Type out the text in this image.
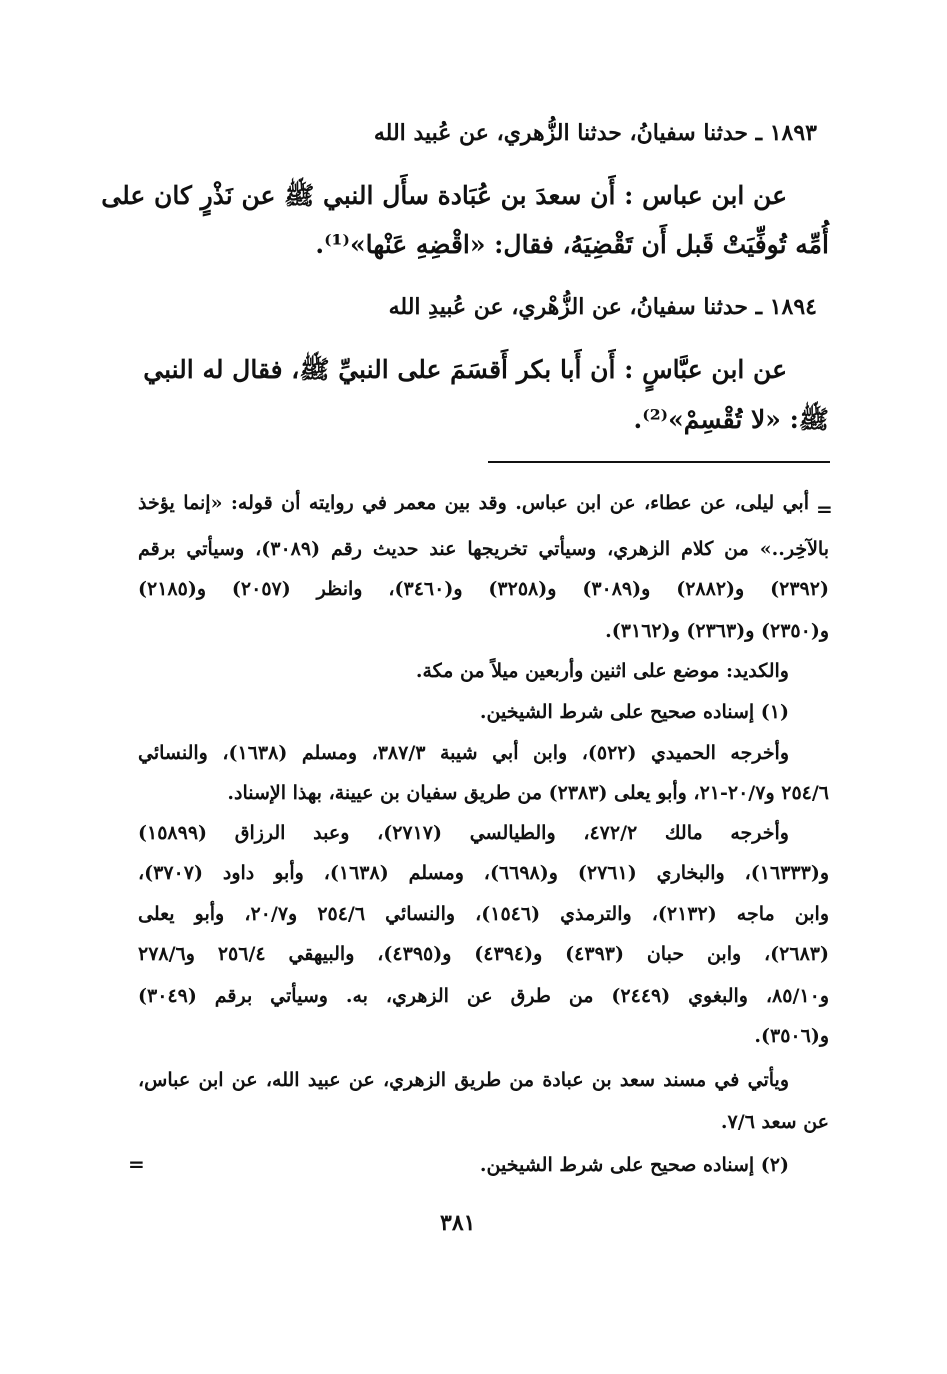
١٨٩٣ ـ حدثنا سفيانُ، حدثنا الزُّهري، عن عُبيد الله
عن ابن عباس : أَن سعدَ بن عُبَادة سأَل النبي ﷺ عن نَذْرٍ كان على
أُمِّه تُوفِّيَتْ قَبل أَن تَقْضِيَهُ، فقال: «اقْضِهِ عَنْها»⁽¹⁾.
١٨٩٤ ـ حدثنا سفيانُ، عن الزُّهْري، عن عُبيدِ الله
عن ابن عبَّاسٍ : أَن أَبا بكر أَقسَمَ على النبيِّ ﷺ، فقال له النبي
ﷺ: «لا تُقْسِمْ»⁽²⁾.
=
أبي ليلى، عن عطاء، عن ابن عباس. وقد بين معمر في روايته أن قوله: «إنما يؤخذ
بالآخِر..» من كلام الزهري، وسيأتي تخريجها عند حديث رقم (٣٠٨٩)، وسيأتي برقم
(٢٣٩٢) و(٢٨٨٢) و(٣٠٨٩) و(٣٢٥٨) و(٣٤٦٠)، وانظر (٢٠٥٧) و(٢١٨٥)
و(٢٣٥٠) و(٢٣٦٣) و(٣١٦٢).
والكديد: موضع على اثنين وأربعين ميلاً من مكة.
(١) إسناده صحيح على شرط الشيخين.
وأخرجه الحميدي (٥٢٢)، وابن أبي شيبة ٣٨٧/٣، ومسلم (١٦٣٨)، والنسائي
٢٥٤/٦ و٢٠/٧-٢١، وأبو يعلى (٢٣٨٣) من طريق سفيان بن عيينة، بهذا الإسناد.
وأخرجه مالك ٤٧٢/٢، والطيالسي (٢٧١٧)، وعبد الرزاق (١٥٨٩٩)
و(١٦٣٣٣)، والبخاري (٢٧٦١) و(٦٦٩٨)، ومسلم (١٦٣٨)، وأبو داود (٣٧٠٧)،
وابن ماجه (٢١٣٢)، والترمذي (١٥٤٦)، والنسائي ٢٥٤/٦ و٢٠/٧، وأبو يعلى
(٢٦٨٣)، وابن حبان (٤٣٩٣) و(٤٣٩٤) و(٤٣٩٥)، والبيهقي ٢٥٦/٤ و٢٧٨/٦
و٨٥/١٠، والبغوي (٢٤٤٩) من طرق عن الزهري، به. وسيأتي برقم (٣٠٤٩)
و(٣٥٠٦).
ويأتي في مسند سعد بن عبادة من طريق الزهري، عن عبيد الله، عن ابن عباس،
عن سعد ٧/٦.
(٢) إسناده صحيح على شرط الشيخين.
=
٣٨١
